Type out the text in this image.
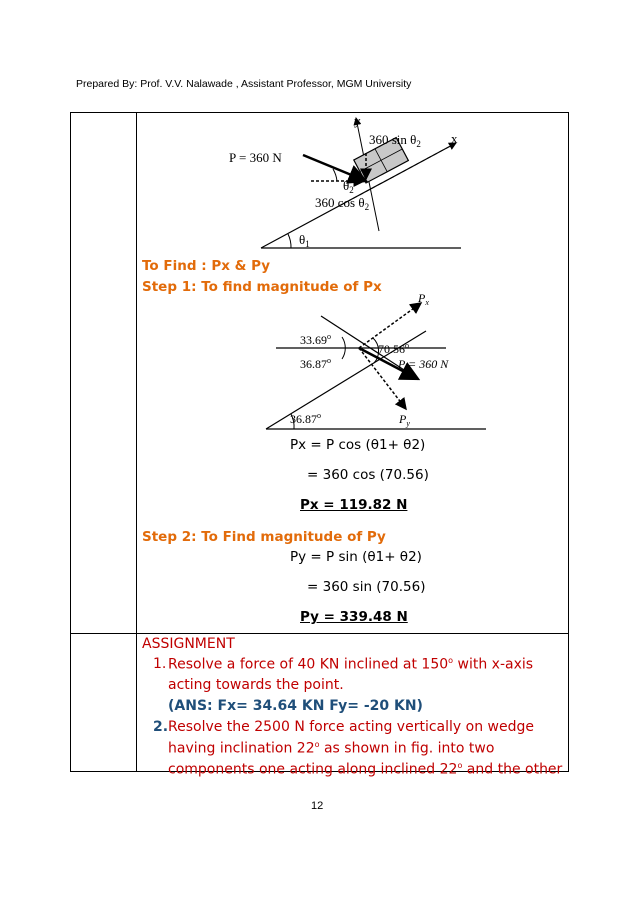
Prepared By: Prof. V.V. Nalawade , Assistant Professor, MGM University
P = 360 N
360 $\sin \theta_2$
360 $\cos \theta_2$
$\theta_2$
$\theta_1$
x
y
To Find : Px & Py
Step 1: To find magnitude of Px
$P_x$
$P_y$
33.69$^o$
36.87$^o$
70.56$^o$
36.87$^o$
P = 360 N
Px = P cos (θ1+ θ2)
= 360 cos (70.56)
Px = 119.82 N
Step 2: To Find magnitude of Py
Py = P sin (θ1+ θ2)
= 360 sin (70.56)
Py = 339.48 N
ASSIGNMENT
1. Resolve a force of 40 KN inclined at 150$^o$ with x-axis
acting towards the point.
(ANS: Fx= 34.64 KN Fy= -20 KN)
2. Resolve the 2500 N force acting vertically on wedge
having inclination 22$^o$ as shown in fig. into two
components one acting along inclined 22$^o$ and the other
12
